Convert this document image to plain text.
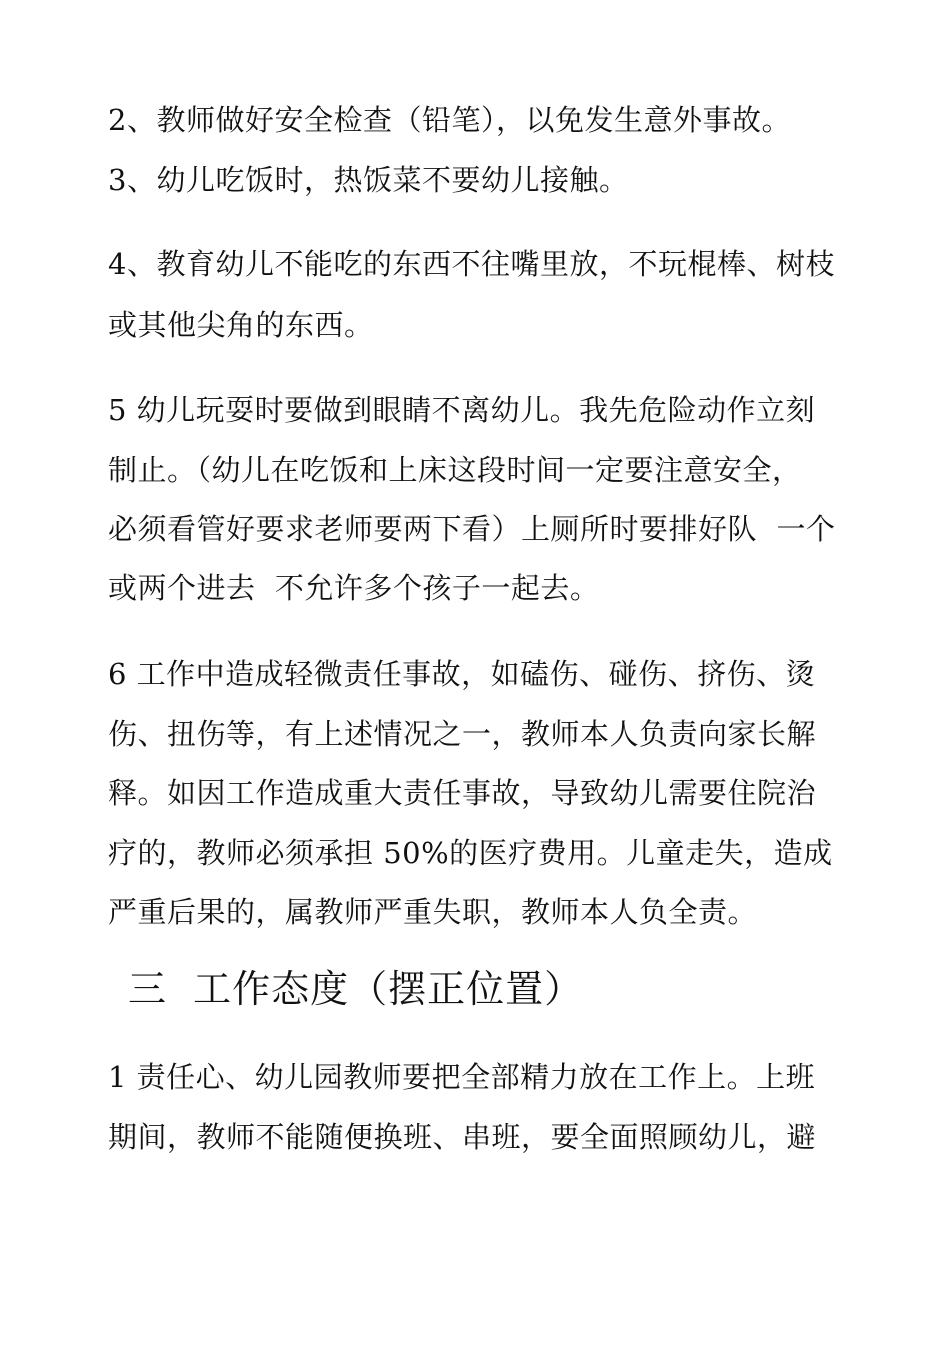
2、教师做好安全检查（铅笔），以免发生意外事故。
3、幼儿吃饭时，热饭菜不要幼儿接触。
4、教育幼儿不能吃的东西不往嘴里放，不玩棍棒、树枝
或其他尖角的东西。
5 幼儿玩耍时要做到眼睛不离幼儿。我先危险动作立刻
制止。（幼儿在吃饭和上床这段时间一定要注意安全，
必须看管好要求老师要两下看）上厕所时要排好队  一个
或两个进去  不允许多个孩子一起去。
6 工作中造成轻微责任事故，如磕伤、碰伤、挤伤、烫
伤、扭伤等，有上述情况之一，教师本人负责向家长解
释。如因工作造成重大责任事故，导致幼儿需要住院治
疗的，教师必须承担 50%的医疗费用。儿童走失，造成
严重后果的，属教师严重失职，教师本人负全责。
三  工作态度（摆正位置）
1 责任心、幼儿园教师要把全部精力放在工作上。上班
期间，教师不能随便换班、串班，要全面照顾幼儿，避
